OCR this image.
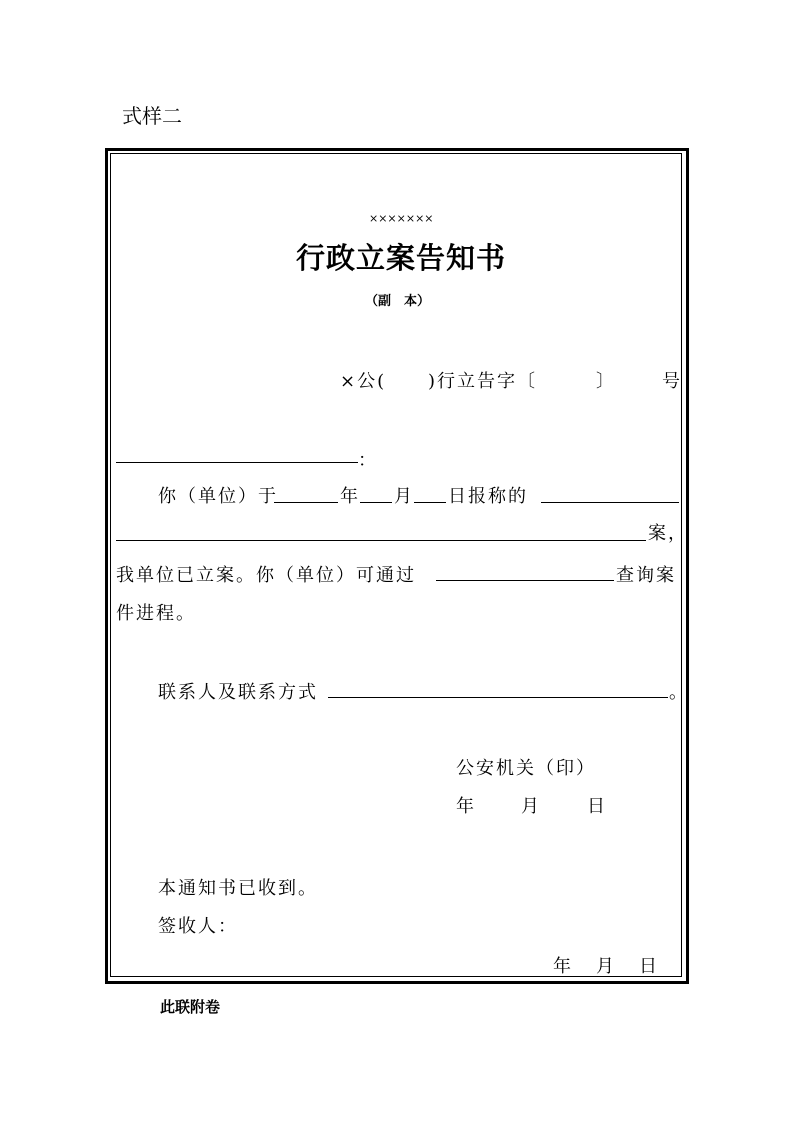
式样二
×××××××
行政立案告知书
（副　本）
×公( )行立告字〔	〕	号
：
你（单位）于	年 月 日报称的
案，
我单位已立案。你（单位）可通过	查询案
件进程。
联系人及联系方式	。
公安机关（印）
年	月	日
本通知书已收到。
签收人：
年 月 日
此联附卷
